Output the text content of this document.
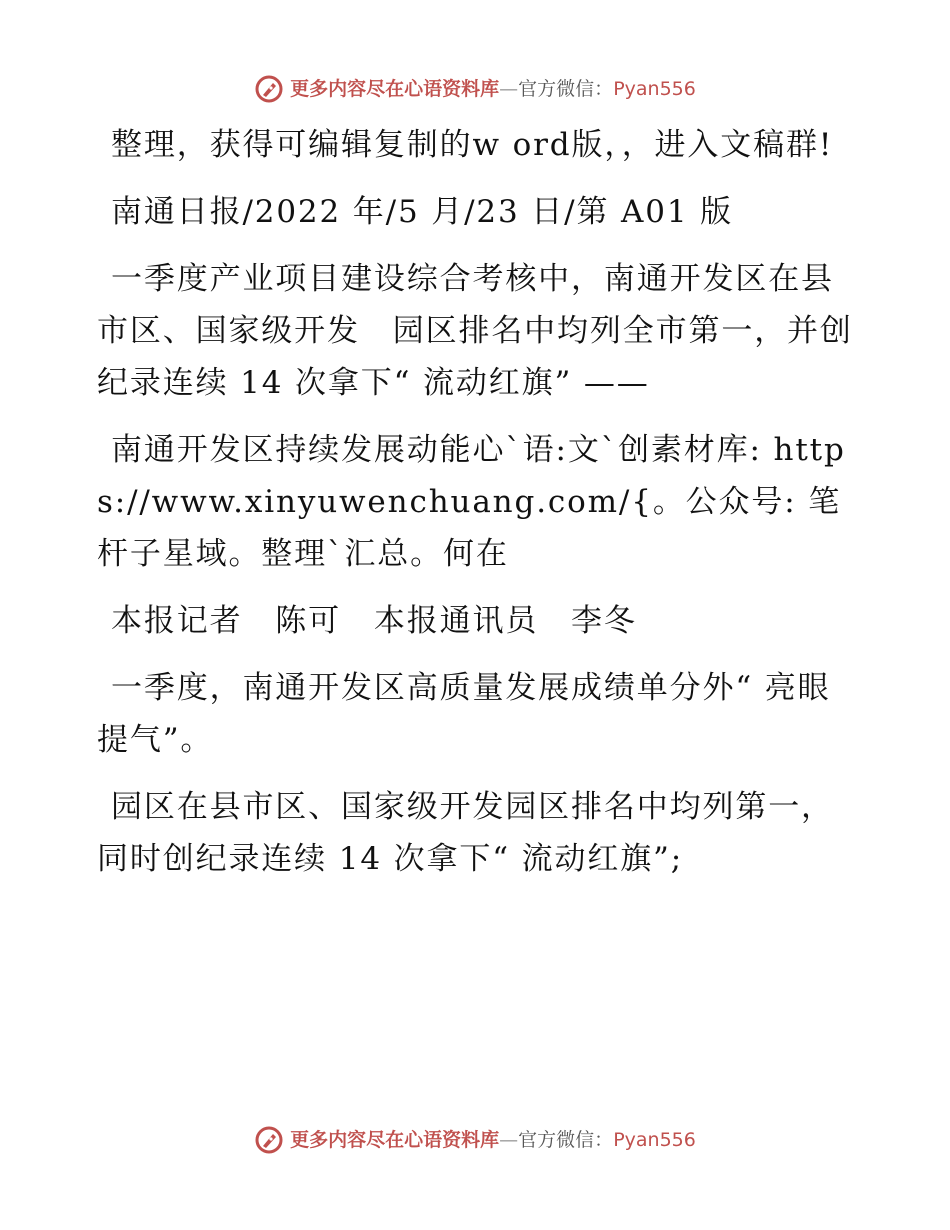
更多内容尽在心语资料库 — 官方微信： Pyan556

整理，获得可编辑复制的w ord版，，进入文稿群!

南通日报/2022 年/5 月/23 日/第 A01 版

一季度产业项目建设综合考核中，南通开发区在县市区、国家级开发　园区排名中均列全市第一，并创纪录连续 14 次拿下“ 流动红旗” ——

南通开发区持续发展动能心`语:文`创素材库: https://www.xinyuwenchuang.com/{。公众号: 笔杆子星域。整理`汇总。何在

本报记者　陈可　本报通讯员　李冬

一季度，南通开发区高质量发展成绩单分外“ 亮眼提气”。

园区在县市区、国家级开发园区排名中均列第一，同时创纪录连续 14 次拿下“ 流动红旗”;

更多内容尽在心语资料库 — 官方微信： Pyan556
